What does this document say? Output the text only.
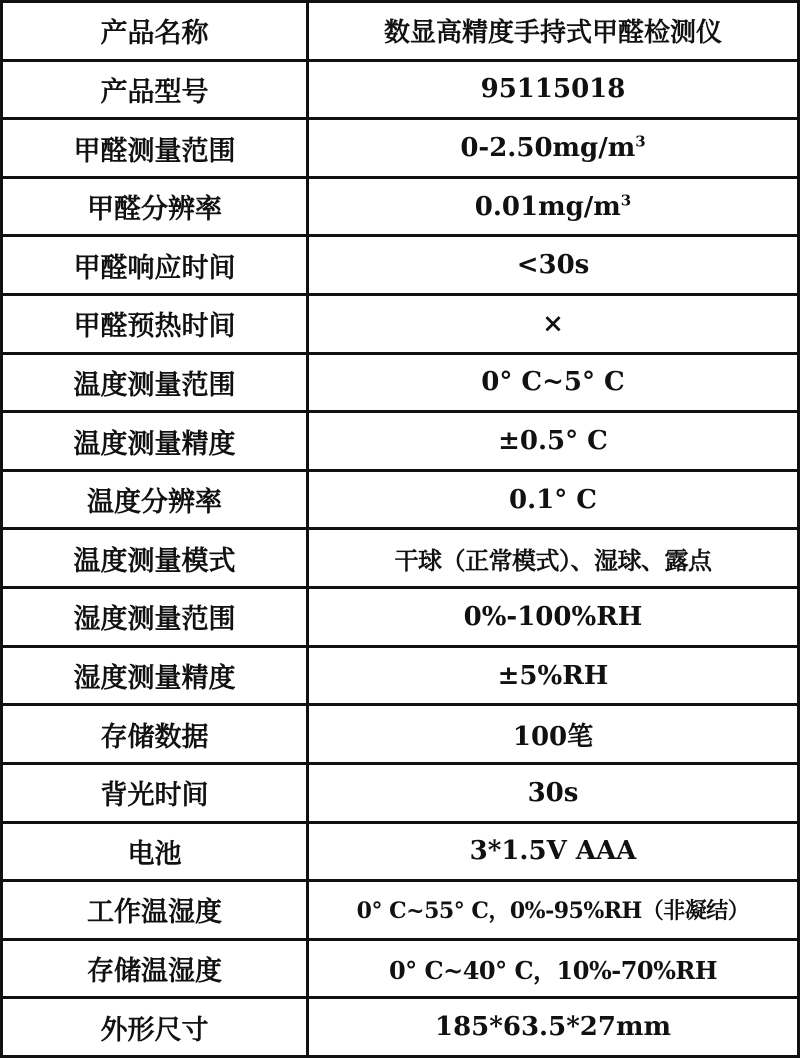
产品名称	数显高精度手持式甲醛检测仪
产品型号	95115018
甲醛测量范围	$0-2.50mg/m^3$
甲醛分辨率	$0.01mg/m^3$
甲醛响应时间	<30s
甲醛预热时间	×
温度测量范围	0° C~5° C
温度测量精度	±0.5° C
温度分辨率	0.1° C
温度测量模式	干球（正常模式）、湿球、露点
湿度测量范围	0%-100%RH
湿度测量精度	±5%RH
存储数据	100笔
背光时间	30s
电池	3*1.5V AAA
工作温湿度	0° C~55° C，0%-95%RH（非凝结）
存储温湿度	0° C~40° C，10%-70%RH
外形尺寸	185*63.5*27mm
